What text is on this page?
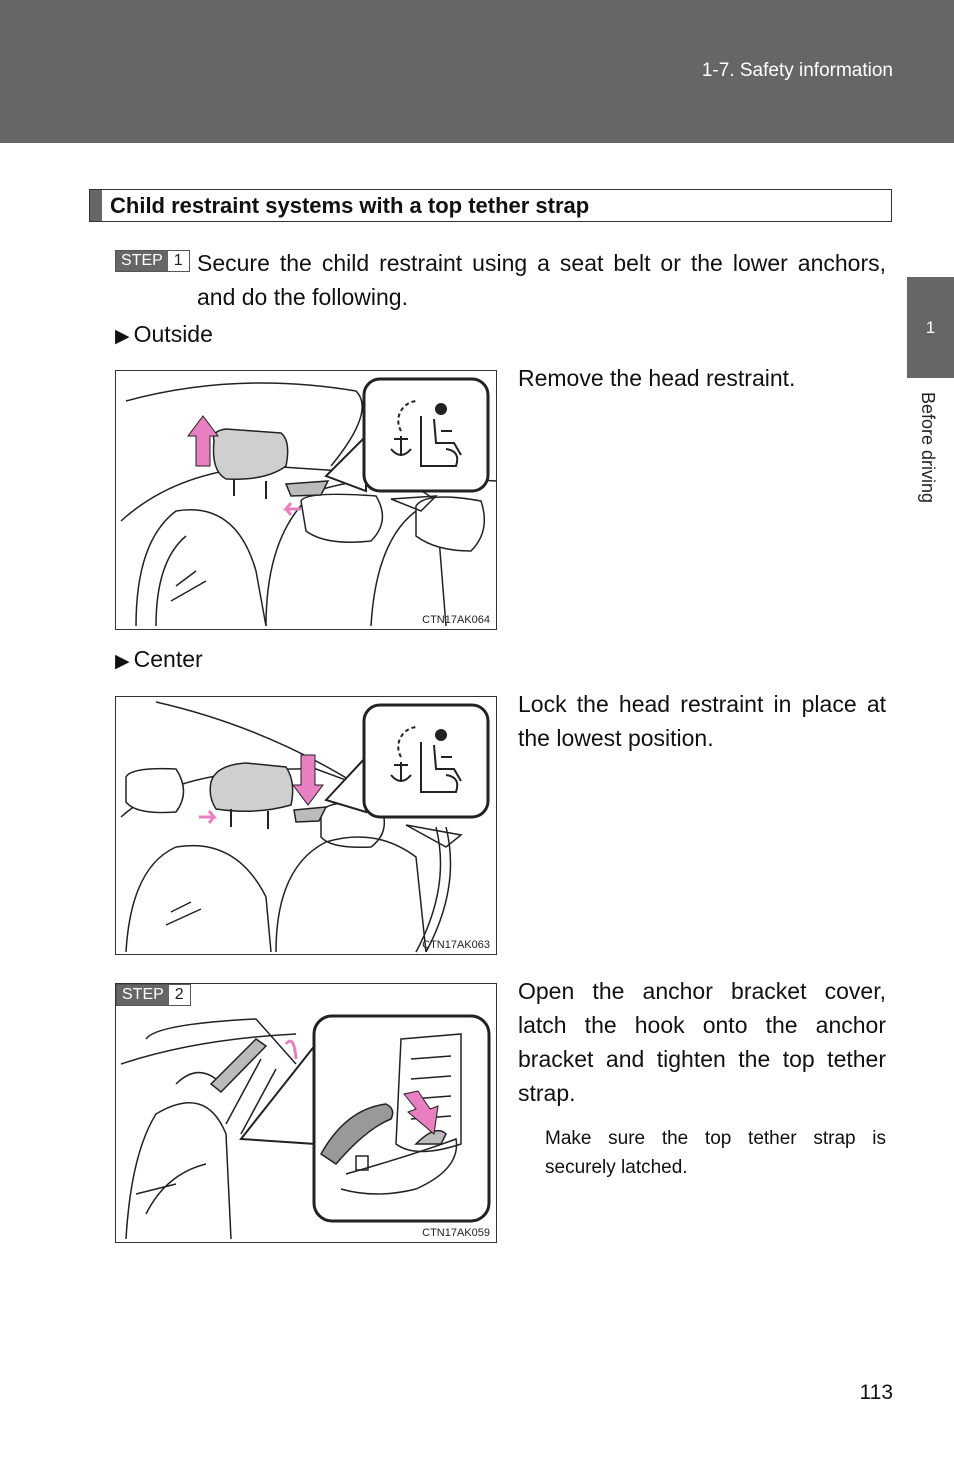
1-7. Safety information
1
Before driving
Child restraint systems with a top tether strap
STEP 1 Secure the child restraint using a seat belt or the lower anchors, and do the following.
▶ Outside
CTN17AK064
Remove the head restraint.
▶ Center
CTN17AK063
Lock the head restraint in place at the lowest position.
STEP 2
CTN17AK059
Open the anchor bracket cover, latch the hook onto the anchor bracket and tighten the top tether strap.
Make sure the top tether strap is securely latched.
113
